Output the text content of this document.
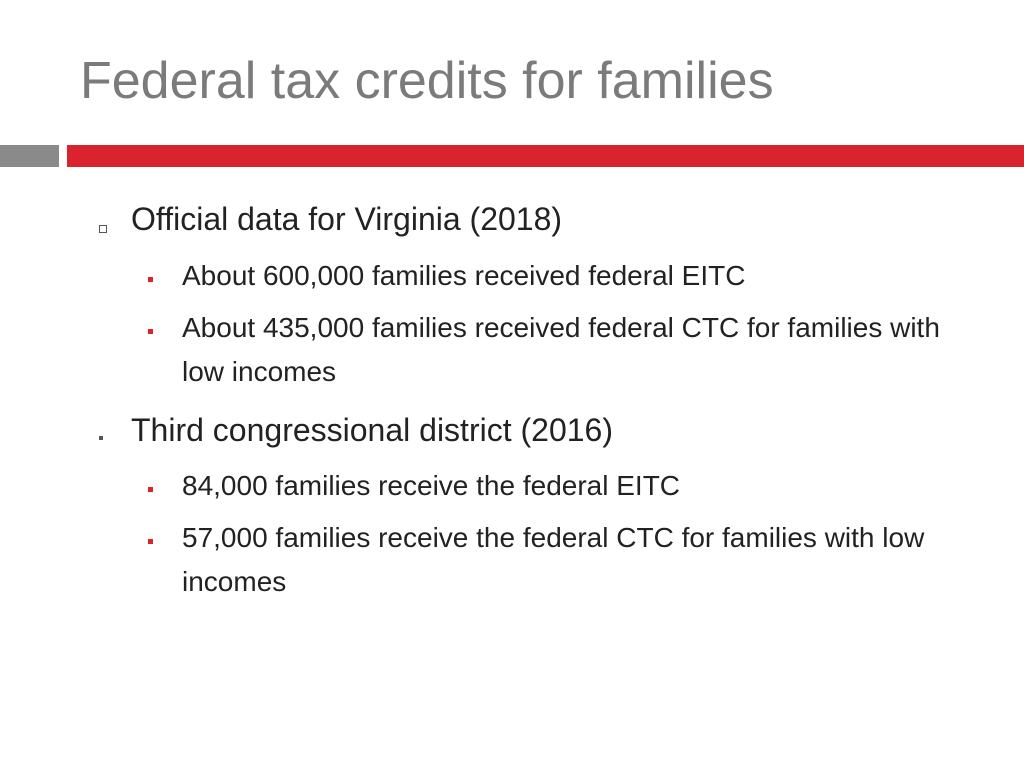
Federal tax credits for families
Official data for Virginia (2018)
About 600,000 families received federal EITC
About 435,000 families received federal CTC for families with low incomes
Third congressional district (2016)
84,000 families receive the federal EITC
57,000 families receive the federal CTC for families with low incomes
